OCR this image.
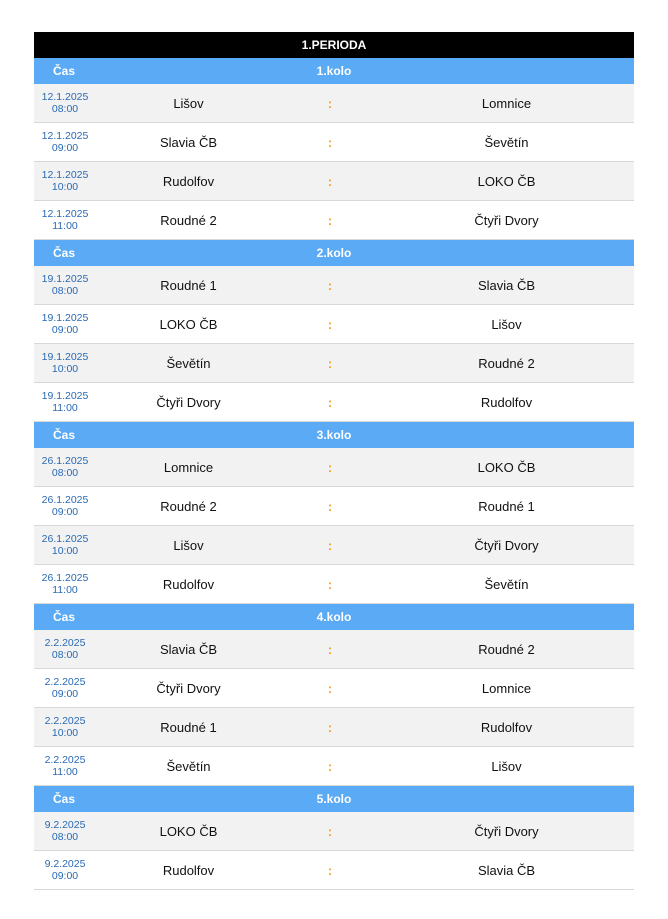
1.PERIODA
Čas	1.kolo
12.1.2025
08:00	Lišov	:	Lomnice
12.1.2025
09:00	Slavia ČB	:	Ševětín
12.1.2025
10:00	Rudolfov	:	LOKO ČB
12.1.2025
11:00	Roudné 2	:	Čtyři Dvory
Čas	2.kolo
19.1.2025
08:00	Roudné 1	:	Slavia ČB
19.1.2025
09:00	LOKO ČB	:	Lišov
19.1.2025
10:00	Ševětín	:	Roudné 2
19.1.2025
11:00	Čtyři Dvory	:	Rudolfov
Čas	3.kolo
26.1.2025
08:00	Lomnice	:	LOKO ČB
26.1.2025
09:00	Roudné 2	:	Roudné 1
26.1.2025
10:00	Lišov	:	Čtyři Dvory
26.1.2025
11:00	Rudolfov	:	Ševětín
Čas	4.kolo
2.2.2025
08:00	Slavia ČB	:	Roudné 2
2.2.2025
09:00	Čtyři Dvory	:	Lomnice
2.2.2025
10:00	Roudné 1	:	Rudolfov
2.2.2025
11:00	Ševětín	:	Lišov
Čas	5.kolo
9.2.2025
08:00	LOKO ČB	:	Čtyři Dvory
9.2.2025
09:00	Rudolfov	:	Slavia ČB
